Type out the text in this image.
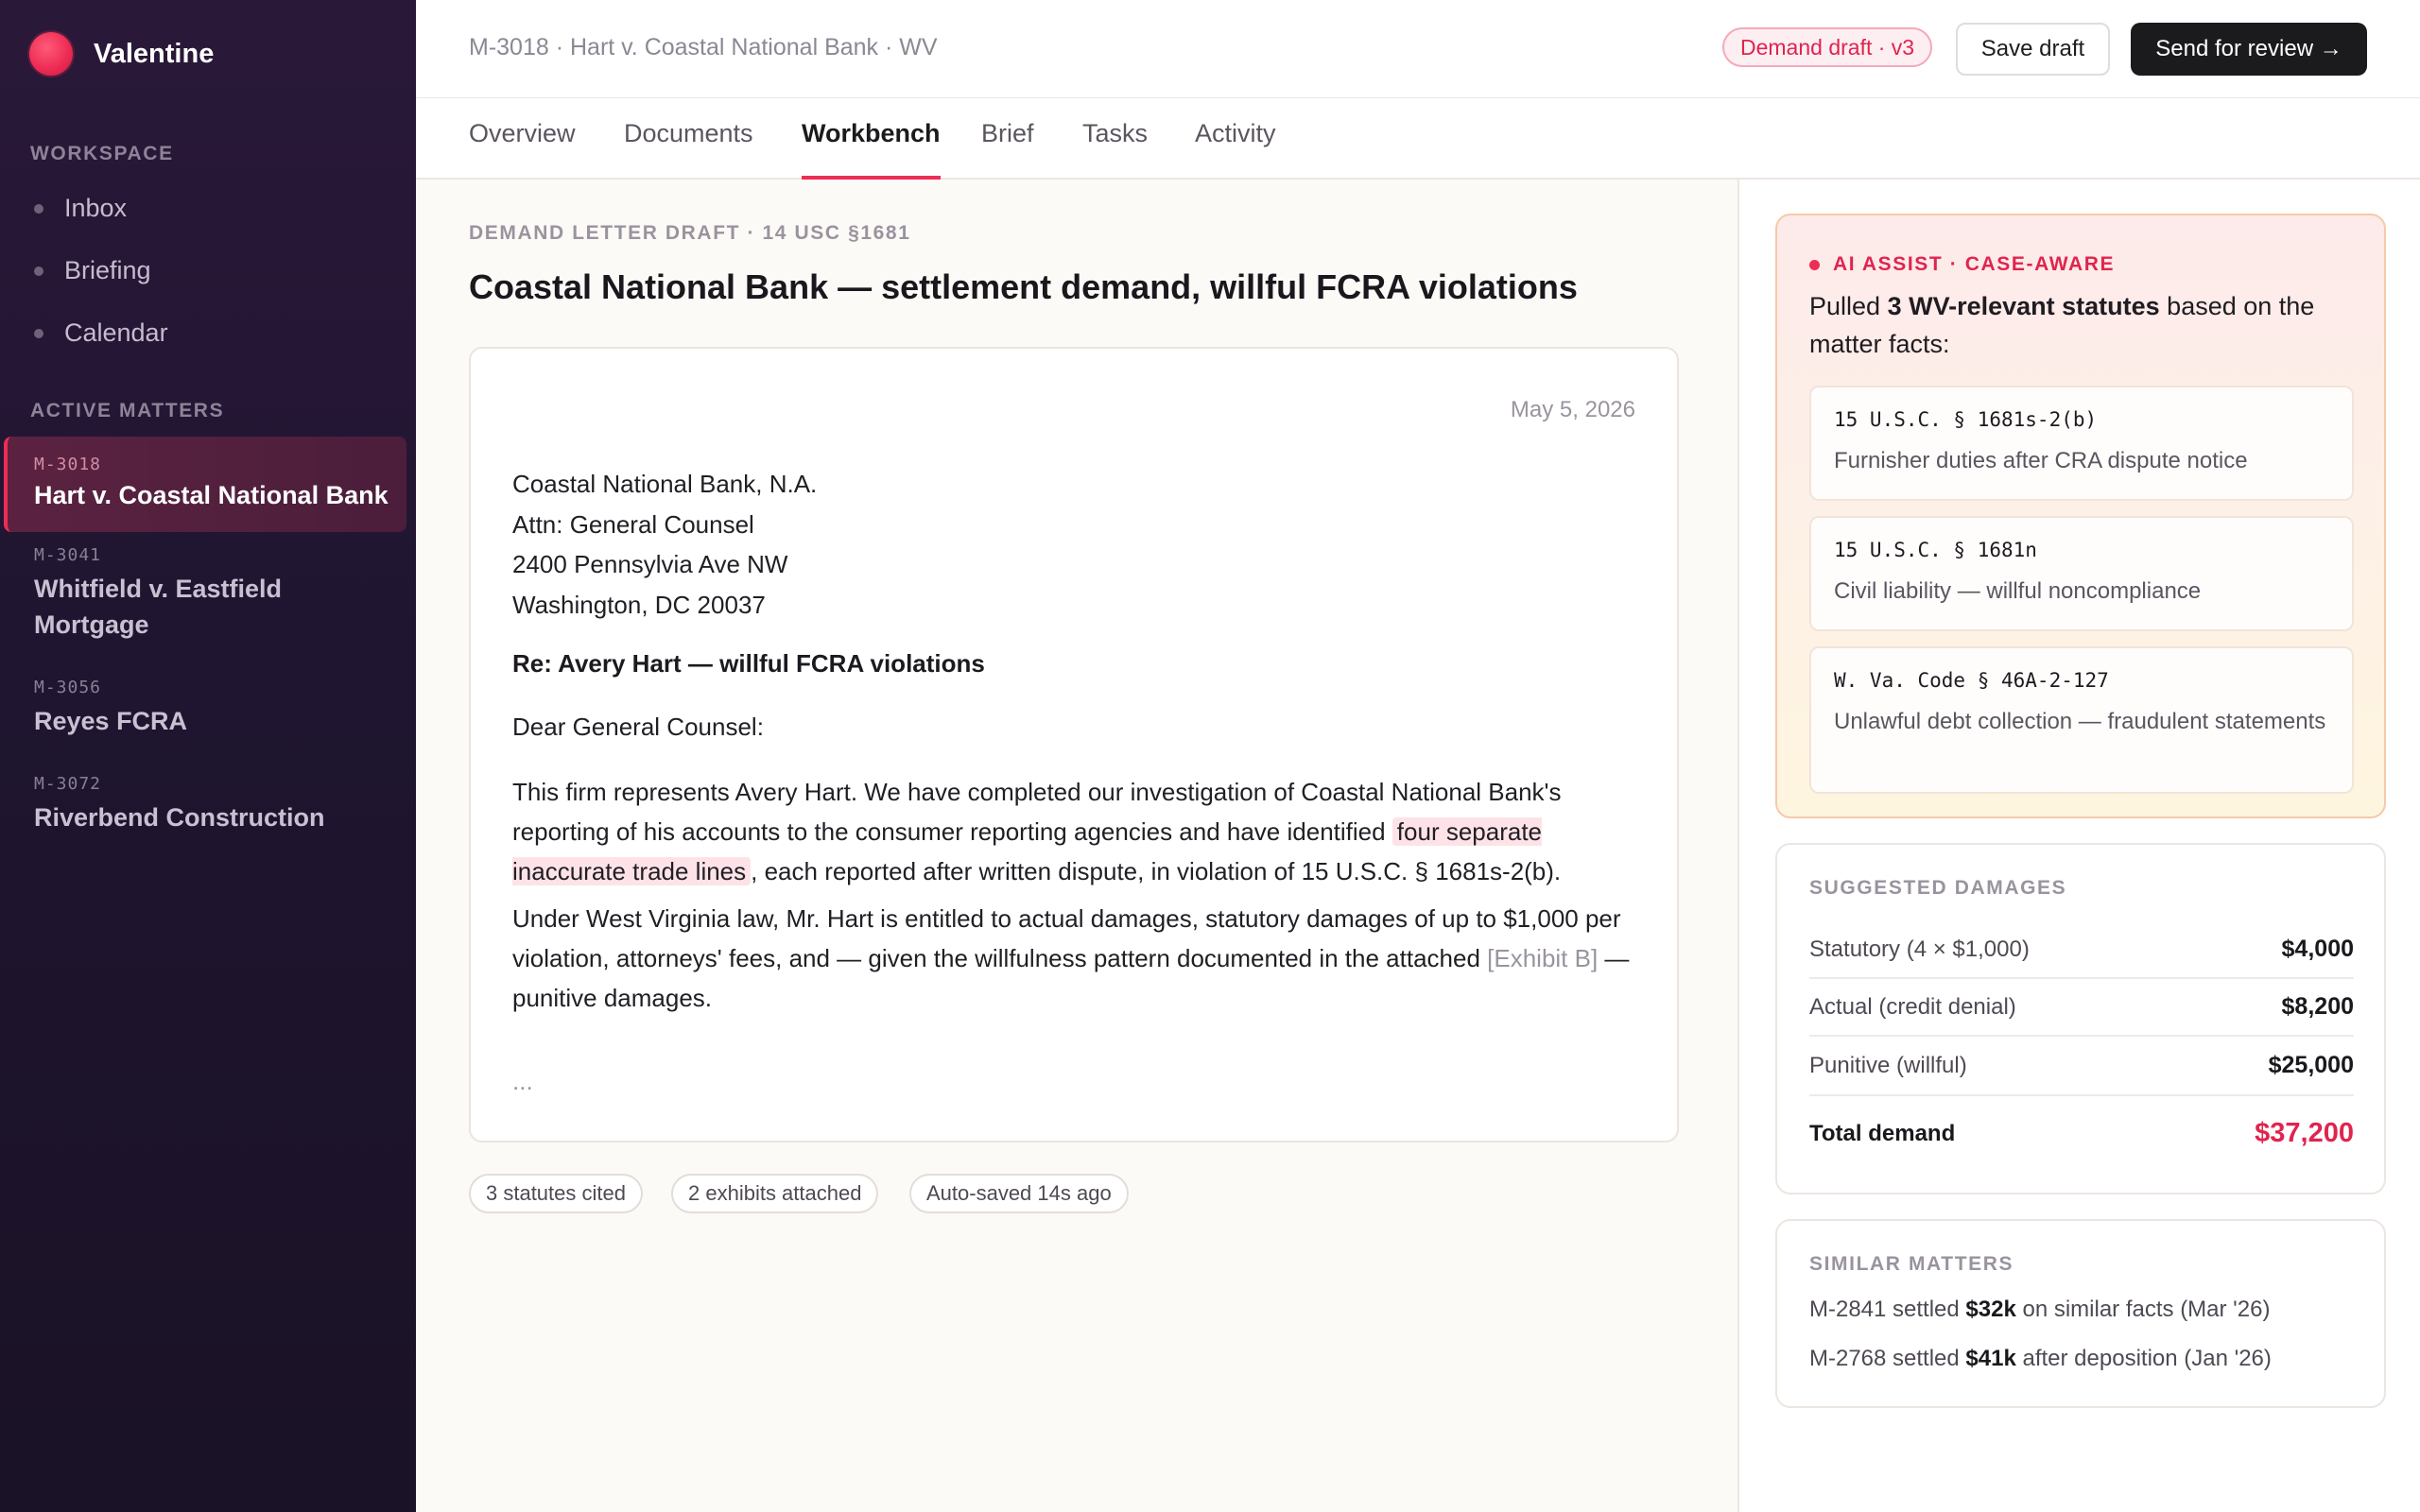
Valentine
WORKSPACE
Inbox
Briefing
Calendar
ACTIVE MATTERS
M-3018
Hart v. Coastal National Bank
M-3041
Whitfield v. Eastfield Mortgage
M-3056
Reyes FCRA
M-3072
Riverbend Construction
M-3018 · Hart v. Coastal National Bank · WV	Demand draft · v3	Save draft	Send for review →
Overview Documents Workbench Brief Tasks Activity
DEMAND LETTER DRAFT · 14 USC §1681
Coastal National Bank — settlement demand, willful FCRA violations
May 5, 2026
Coastal National Bank, N.A.
Attn: General Counsel
2400 Pennsylvia Ave NW
Washington, DC 20037
Re: Avery Hart — willful FCRA violations
Dear General Counsel:

This firm represents Avery Hart. We have completed our investigation of Coastal National Bank's reporting of his accounts to the consumer reporting agencies and have identified four separate inaccurate trade lines , each reported after written dispute, in violation of 15 U.S.C. § 1681s-2(b).

Under West Virginia law, Mr. Hart is entitled to actual damages, statutory damages of up to $1,000 per violation, attorneys' fees, and — given the willfulness pattern documented in the attached [Exhibit B] — punitive damages.

...
3 statutes cited	2 exhibits attached	Auto-saved 14s ago
AI ASSIST · CASE-AWARE
Pulled 3 WV-relevant statutes based on the matter facts:
15 U.S.C. § 1681s-2(b)
Furnisher duties after CRA dispute notice
15 U.S.C. § 1681n
Civil liability — willful noncompliance
W. Va. Code § 46A-2-127
Unlawful debt collection — fraudulent statements
SUGGESTED DAMAGES
Statutory (4 × $1,000)	$4,000
Actual (credit denial)	$8,200
Punitive (willful)	$25,000
Total demand	$37,200
SIMILAR MATTERS
M-2841 settled $32k on similar facts (Mar '26)
M-2768 settled $41k after deposition (Jan '26)
